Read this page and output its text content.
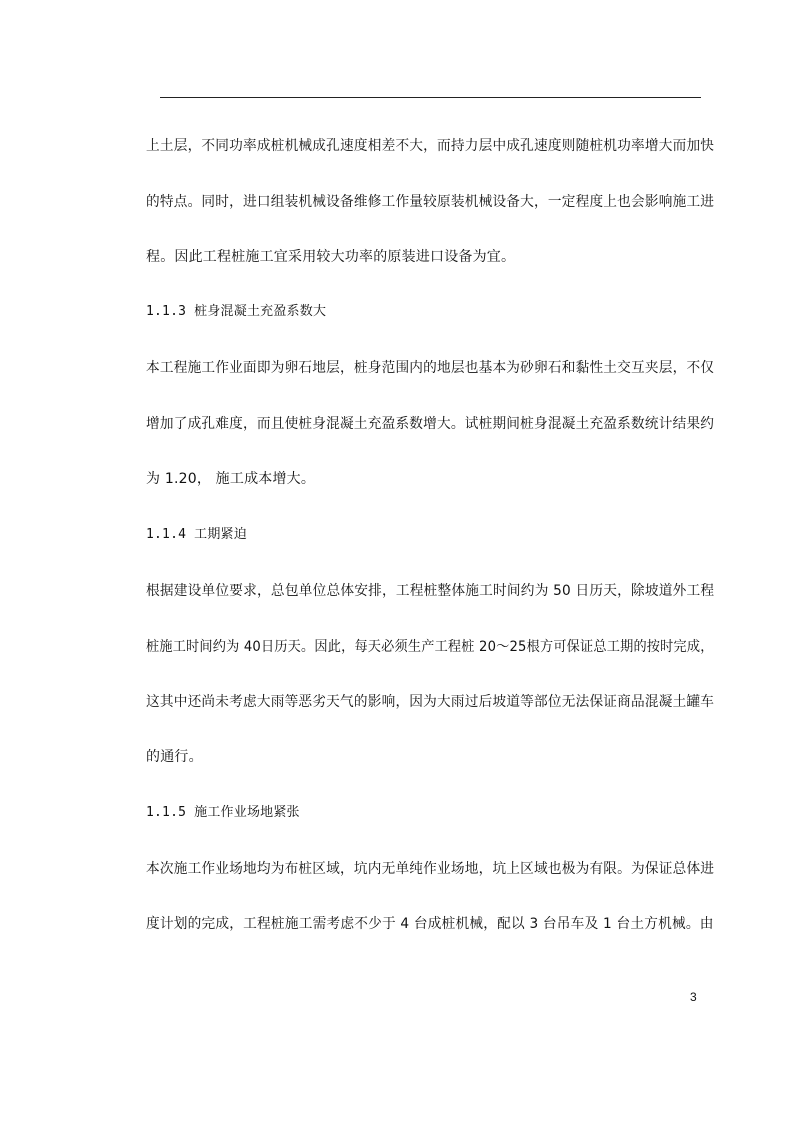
上土层，不同功率成桩机械成孔速度相差不大，而持力层中成孔速度则随桩机功率增大而加快
的特点。同时，进口组装机械设备维修工作量较原装机械设备大，一定程度上也会影响施工进
程。因此工程桩施工宜采用较大功率的原装进口设备为宜。
1.1.3 桩身混凝土充盈系数大
本工程施工作业面即为卵石地层，桩身范围内的地层也基本为砂卵石和黏性土交互夹层，不仅
增加了成孔难度，而且使桩身混凝土充盈系数增大。试桩期间桩身混凝土充盈系数统计结果约
为 1.20， 施工成本增大。
1.1.4 工期紧迫
根据建设单位要求，总包单位总体安排，工程桩整体施工时间约为 50 日历天，除坡道外工程
桩施工时间约为 40日历天。因此，每天必须生产工程桩 20～25根方可保证总工期的按时完成，
这其中还尚未考虑大雨等恶劣天气的影响，因为大雨过后坡道等部位无法保证商品混凝土罐车
的通行。
1.1.5 施工作业场地紧张
本次施工作业场地均为布桩区域，坑内无单纯作业场地，坑上区域也极为有限。为保证总体进
度计划的完成，工程桩施工需考虑不少于 4 台成桩机械，配以 3 台吊车及 1 台土方机械。由
3
